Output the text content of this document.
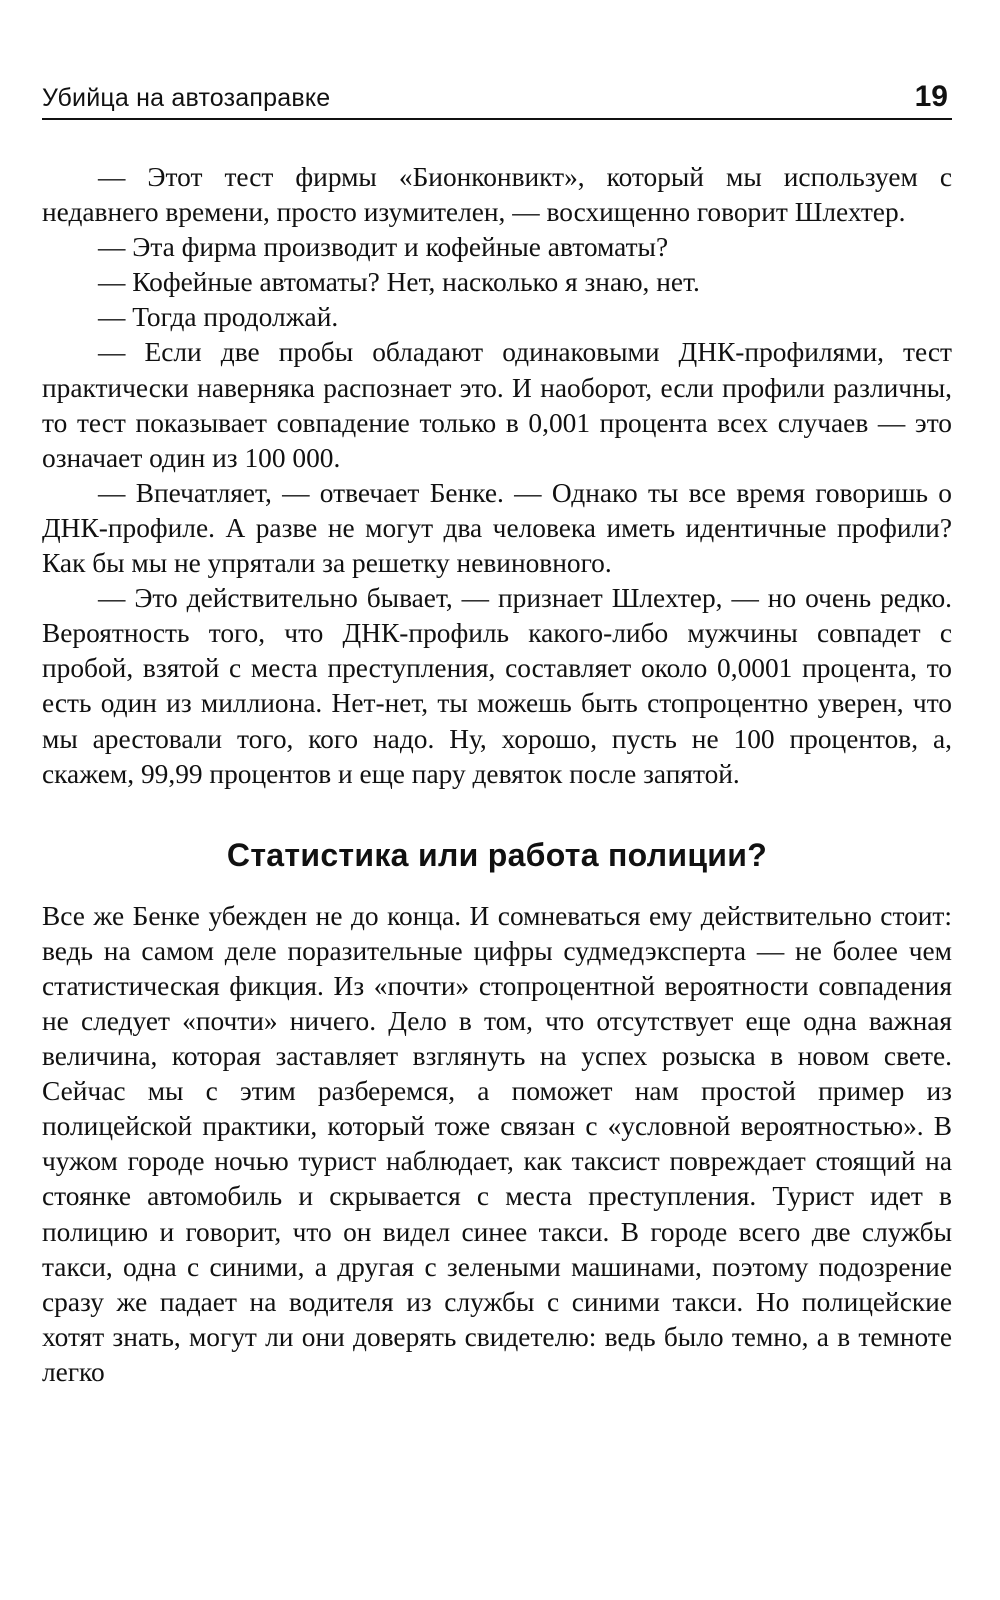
Убийца на автозаправке	19

— Этот тест фирмы «Бионконвикт», который мы используем с недавнего времени, просто изумителен, — восхищенно говорит Шлехтер.

— Эта фирма производит и кофейные автоматы?

— Кофейные автоматы? Нет, насколько я знаю, нет.

— Тогда продолжай.

— Если две пробы обладают одинаковыми ДНК-профилями, тест практически наверняка распознает это. И наоборот, если профили различны, то тест показывает совпадение только в 0,001 процента всех случаев — это означает один из 100 000.

— Впечатляет, — отвечает Бенке. — Однако ты все время говоришь о ДНК-профиле. А разве не могут два человека иметь идентичные профили? Как бы мы не упрятали за решетку невиновного.

— Это действительно бывает, — признает Шлехтер, — но очень редко. Вероятность того, что ДНК-профиль какого-либо мужчины совпадет с пробой, взятой с места преступления, составляет около 0,0001 процента, то есть один из миллиона. Нет-нет, ты можешь быть стопроцентно уверен, что мы арестовали того, кого надо. Ну, хорошо, пусть не 100 процентов, а, скажем, 99,99 процентов и еще пару девяток после запятой.

Статистика или работа полиции?

Все же Бенке убежден не до конца. И сомневаться ему действительно стоит: ведь на самом деле поразительные цифры судмедэксперта — не более чем статистическая фикция. Из «почти» стопроцентной вероятности совпадения не следует «почти» ничего. Дело в том, что отсутствует еще одна важная величина, которая заставляет взглянуть на успех розыска в новом свете. Сейчас мы с этим разберемся, а поможет нам простой пример из полицейской практики, который тоже связан с «условной вероятностью». В чужом городе ночью турист наблюдает, как таксист повреждает стоящий на стоянке автомобиль и скрывается с места преступления. Турист идет в полицию и говорит, что он видел синее такси. В городе всего две службы такси, одна с синими, а другая с зелеными машинами, поэтому подозрение сразу же падает на водителя из службы с синими такси. Но полицейские хотят знать, могут ли они доверять свидетелю: ведь было темно, а в темноте легко
